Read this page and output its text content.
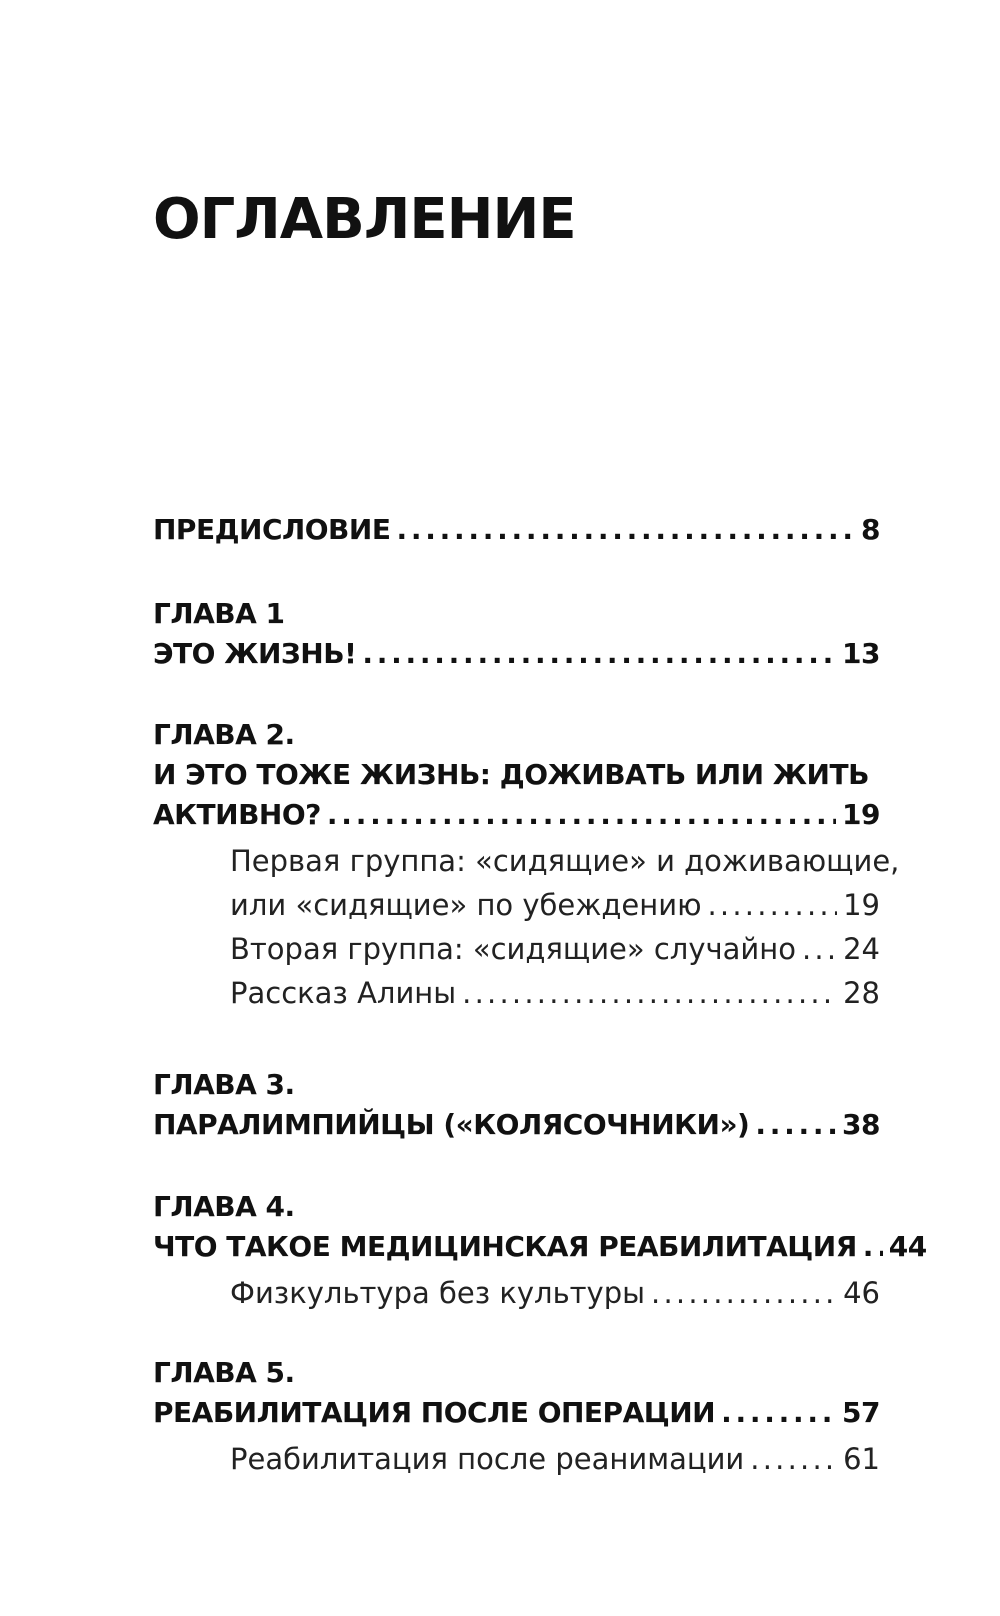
ОГЛАВЛЕНИЕ
ПРЕДИСЛОВИЕ . . .	8
ГЛАВА 1
ЭТО ЖИЗНЬ! . . .	13
ГЛАВА 2.
И ЭТО ТОЖЕ ЖИЗНЬ: ДОЖИВАТЬ ИЛИ ЖИТЬ
АКТИВНО? . . .	19
Первая группа: «сидящие» и доживающие,
или «сидящие» по убеждению . . .	19
Вторая группа: «сидящие» случайно . . . 24
Рассказ Алины . . .	28
ГЛАВА 3.
ПАРАЛИМПИЙЦЫ («КОЛЯСОЧНИКИ») . . .	38
ГЛАВА 4.
ЧТО ТАКОЕ МЕДИЦИНСКАЯ РЕАБИЛИТАЦИЯ . . . 44
Физкультура без культуры . . .	46
ГЛАВА 5.
РЕАБИЛИТАЦИЯ ПОСЛЕ ОПЕРАЦИИ . . .	57
Реабилитация после реанимации . . .	61
